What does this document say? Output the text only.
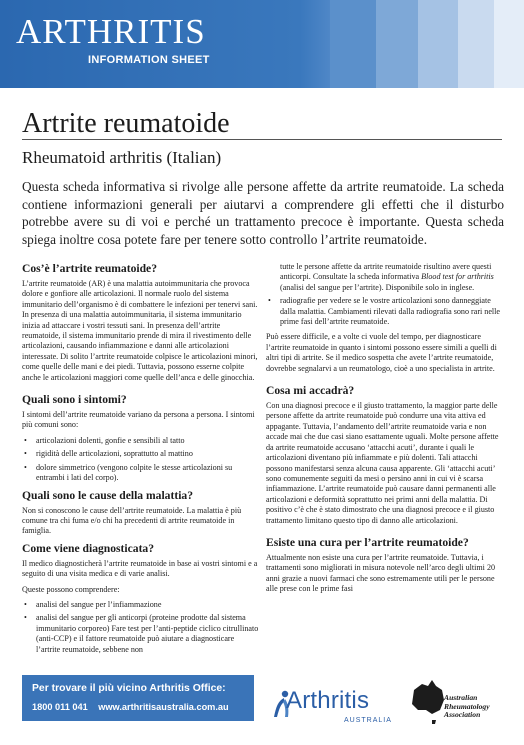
ARTHRITIS
INFORMATION SHEET
Artrite reumatoide
Rheumatoid arthritis (Italian)
Questa scheda informativa si rivolge alle persone affette da artrite reumatoide. La scheda contiene informazioni generali per aiutarvi a comprendere gli effetti che il disturbo potrebbe avere su di voi e perché un trattamento precoce è importante. Questa scheda spiega inoltre cosa potete fare per tenere sotto controllo l’artrite reumatoide.
Cos’è l’artrite reumatoide?

L’artrite reumatoide (AR) è una malattia autoimmunitaria che provoca dolore e gonfiore alle articolazioni. Il normale ruolo del sistema immunitario dell’organismo è di combattere le infezioni per tenervi sani. In presenza di una malattia autoimmunitaria, il sistema immunitario inizia ad attaccare i vostri tessuti sani. In presenza dell’artrite reumatoide, il sistema immunitario prende di mira il rivestimento delle articolazioni, causando infiammazione e danni alle articolazioni interessate. Di solito l’artrite reumatoide colpisce le articolazioni minori, come quelle delle mani e dei piedi. Tuttavia, possono esserne colpite anche le articolazioni maggiori come quelle dell’anca e delle ginocchia.

Quali sono i sintomi?

I sintomi dell’artrite reumatoide variano da persona a persona. I sintomi più comuni sono:

• articolazioni dolenti, gonfie e sensibili al tatto
• rigidità delle articolazioni, soprattutto al mattino
• dolore simmetrico (vengono colpite le stesse articolazioni su entrambi i lati del corpo).
Quali sono le cause della malattia?

Non si conoscono le cause dell’artrite reumatoide. La malattia è più comune tra chi fuma e/o chi ha precedenti di artrite reumatoide in famiglia.

Come viene diagnosticata?

Il medico diagnosticherà l’artrite reumatoide in base ai vostri sintomi e a seguito di una visita medica e di varie analisi.

Queste possono comprendere:

• analisi del sangue per l’infiammazione
• analisi del sangue per gli anticorpi (proteine prodotte dal sistema immunitario corporeo) Fare test per l’anti-peptide ciclico citrullinato (anti-CCP) e il fattore reumatoide può aiutare a diagnosticare l’artrite reumatoide, sebbene non
tutte le persone affette da artrite reumatoide risultino avere questi anticorpi. Consultate la scheda informativa Blood test for arthritis (analisi del sangue per l’artrite). Disponibile solo in inglese.
• radiografie per vedere se le vostre articolazioni sono danneggiate dalla malattia. Cambiamenti rilevati dalla radiografia sono rari nelle prime fasi dell’artrite reumatoide.

Può essere difficile, e a volte ci vuole del tempo, per diagnosticare l’artrite reumatoide in quanto i sintomi possono essere simili a quelli di altri tipi di artrite. Se il medico sospetta che avete l’artrite reumatoide, dovrebbe segnalarvi a un reumatologo, cioè a uno specialista in artrite.

Cosa mi accadrà?

Con una diagnosi precoce e il giusto trattamento, la maggior parte delle persone affette da artrite reumatoide può condurre una vita attiva ed appagante. Tuttavia, l’andamento dell’artrite reumatoide varia e non accade mai che due casi siano esattamente uguali. Molte persone affette da artrite reumatoide accusano ‘attacchi acuti’, durante i quali le articolazioni diventano più infiammate e più dolenti. Tali attacchi possono manifestarsi senza alcuna causa apparente. Gli ‘attacchi acuti’ sono comunemente seguiti da mesi o persino anni in cui vi è scarsa infiammazione. L’artrite reumatoide può causare danni permanenti alle articolazioni e deformità soprattutto nei primi anni della malattia. Di positivo c’è che è stato dimostrato che una diagnosi precoce e il giusto trattamento limitano questo tipo di danno alle articolazioni.

Esiste una cura per l’artrite reumatoide?

Attualmente non esiste una cura per l’artrite reumatoide. Tuttavia, i trattamenti sono migliorati in misura notevole nell’arco degli ultimi 20 anni grazie a nuovi farmaci che sono estremamente utili per le persone alle prese con le prime fasi

Per trovare il più vicino Arthritis Office:
1800 011 041 www.arthritisaustralia.com.au Arthritis
AUSTRALIA
Australian
Rheumatology
Association
